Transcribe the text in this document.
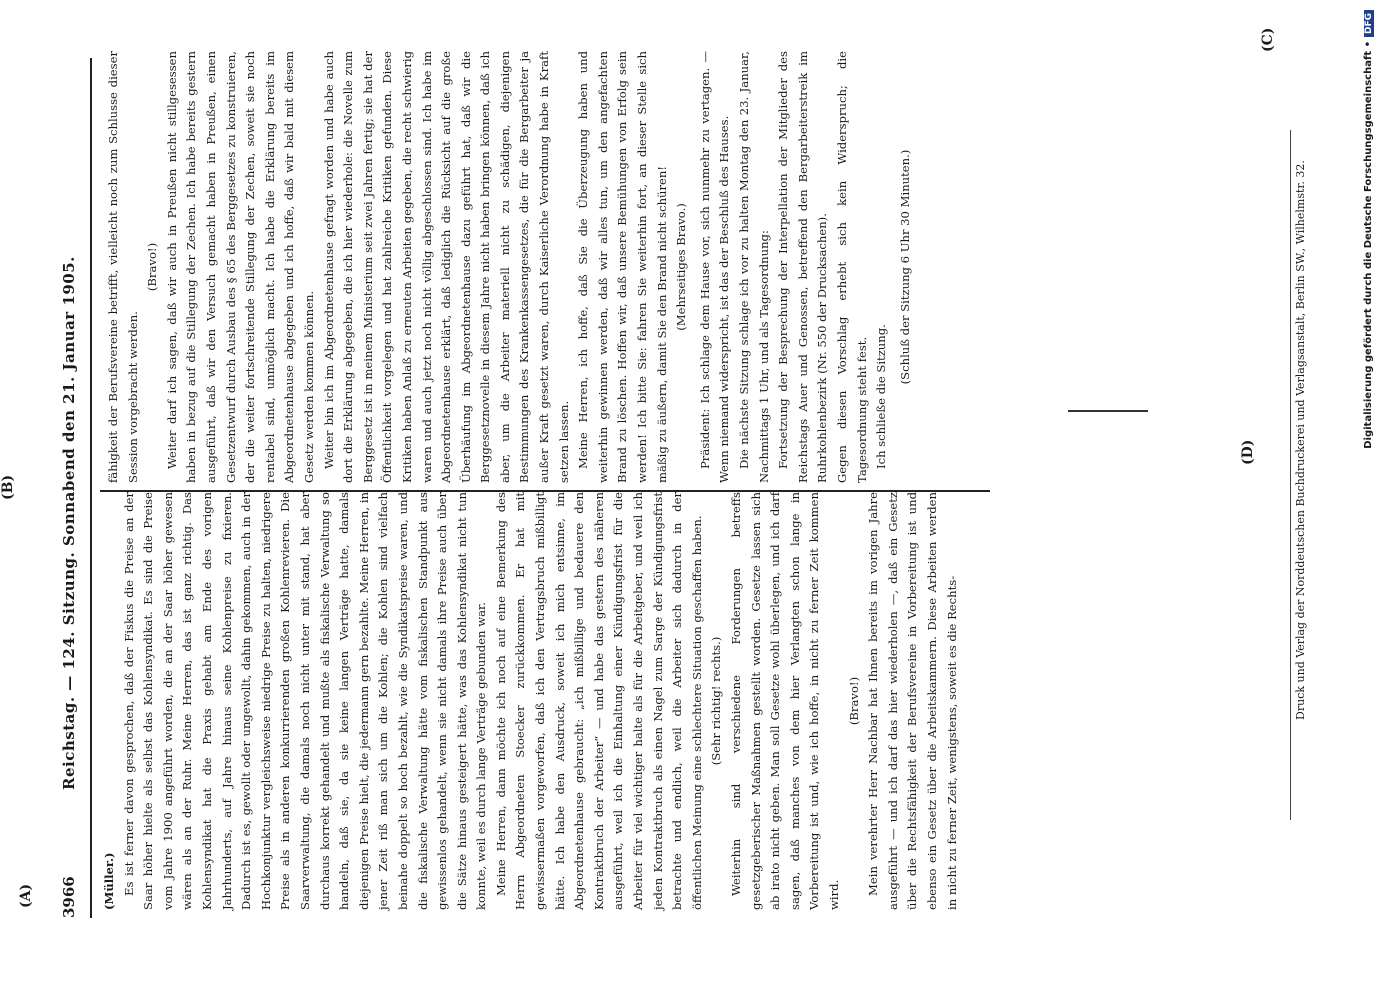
3966
Reichstag. — 124. Sitzung. Sonnabend den 21. Januar 1905.
(A)
(B)
(C)
(D)

(Müller.) Es ist ferner davon gesprochen, daß der Fiskus die Preise an der Saar höher hielte als selbst das Kohlensyndikat. Es sind die Preise vom Jahre 1900 angeführt worden, die an der Saar höher gewesen wären als an der Ruhr. Meine Herren, das ist ganz richtig. Das Kohlensyndikat hat die Praxis gehabt am Ende des vorigen Jahrhunderts, auf Jahre hinaus seine Kohlenpreise zu fixieren. Dadurch ist es, gewollt oder ungewollt, dahin gekommen, auch in der Hochkonjunktur vergleichsweise niedrige Preise zu halten, niedrigere Preise als in anderen konkurrierenden großen Kohlenrevieren. Die Saarverwaltung, die damals noch nicht unter mit stand, hat aber durchaus korrekt gehandelt und mußte als fiskalische Verwaltung so handeln, daß sie, da sie keine langen Verträge hatte, damals diejenigen Preise hielt, die jedermann gern bezahlte. Meine Herren, in jener Zeit riß man sich um die Kohlen; die Kohlen sind vielfach beinahe doppelt so hoch bezahlt, wie die Syndikatspreise waren, und die fiskalische Verwaltung hätte vom fiskalischen Standpunkt aus gewissenlos gehandelt, wenn sie nicht damals ihre Preise auch über die Sätze hinaus gesteigert hätte, was das Kohlensyndikat nicht tun konnte, weil es durch lange Verträge gebunden war. Meine Herren, dann möchte ich noch auf eine Bemerkung des Herrn Abgeordneten Stoecker zurückkommen. Er hat mit gewissermaßen vorgeworfen, daß ich den Vertragsbruch mißbilligt hätte. Ich habe den Ausdruck, soweit ich mich entsinne, im Abgeordnetenhause gebraucht: „ich mißbillige und bedauere den Kontraktbruch der Arbeiter“ — und habe das gestern des näheren ausgeführt, weil ich die Einhaltung einer Kündigungsfrist für die Arbeiter für viel wichtiger halte als für die Arbeitgeber, und weil ich jeden Kontraktbruch als einen Nagel zum Sarge der Kündigungsfrist betrachte und endlich, weil die Arbeiter sich dadurch in der öffentlichen Meinung eine schlechtere Situation geschaffen haben. (Sehr richtig! rechts.) Weiterhin sind verschiedene Forderungen betreffs gesetzgeberischer Maßnahmen gestellt worden. Gesetze lassen sich ab irato nicht geben. Man soll Gesetze wohl überlegen, und ich darf sagen, daß manches von dem hier Verlangten schon lange in Vorbereitung ist und, wie ich hoffe, in nicht zu ferner Zeit kommen wird.

(Bravo!) Mein verehrter Herr Nachbar hat Ihnen bereits im vorigen Jahre ausgeführt — und ich darf das hier wiederholen —, daß ein Gesetz über die Rechtsfähigkeit der Berufsvereine in Vorbereitung ist und ebenso ein Gesetz über die Arbeitskammern. Diese Arbeiten werden in nicht zu ferner Zeit, wenigstens, soweit es die Rechts-

fähigkeit der Berufsvereine betrifft, vielleicht noch zum Schlusse dieser Session vorgebracht werden.

(Bravo!) Weiter darf ich sagen, daß wir auch in Preußen nicht stillgesessen haben in bezug auf die Stillegung der Zechen. Ich habe bereits gestern ausgeführt, daß wir den Versuch gemacht haben in Preußen, einen Gesetzentwurf durch Ausbau des § 65 des Berggesetzes zu konstruieren, der die weiter fortschreitende Stillegung der Zechen, soweit sie noch rentabel sind, unmöglich macht. Ich habe die Erklärung bereits im Abgeordnetenhause abgegeben und ich hoffe, daß wir bald mit diesem Gesetz werden kommen können. Weiter bin ich im Abgeordnetenhause gefragt worden und habe auch dort die Erklärung abgegeben, die ich hier wiederhole: die Novelle zum Berggesetz ist in meinem Ministerium seit zwei Jahren fertig; sie hat der Öffentlichkeit vorgelegen und hat zahlreiche Kritiken gefunden. Diese Kritiken haben Anlaß zu erneuten Arbeiten gegeben, die recht schwierig waren und auch jetzt noch nicht völlig abgeschlossen sind. Ich habe im Abgeordnetenhause erklärt, daß lediglich die Rücksicht auf die große Überhäufung im Abgeordnetenhause dazu geführt hat, daß wir die Berggesetznovelle in diesem Jahre nicht haben bringen können, daß ich aber, um die Arbeiter materiell nicht zu schädigen, diejenigen Bestimmungen des Krankenkassengesetzes, die für die Bergarbeiter ja außer Kraft gesetzt waren, durch Kaiserliche Verordnung habe in Kraft setzen lassen. Meine Herren, ich hoffe, daß Sie die Überzeugung haben und weiterhin gewinnen werden, daß wir alles tun, um den angefachten Brand zu löschen. Hoffen wir, daß unsere Bemühungen von Erfolg sein werden! Ich bitte Sie: fahren Sie weiterhin fort, an dieser Stelle sich mäßig zu äußern, damit Sie den Brand nicht schüren! (Mehrseitiges Bravo.) Präsident: Ich schlage dem Hause vor, sich nunmehr zu vertagen. — Wenn niemand widerspricht, ist das der Beschluß des Hauses. Die nächste Sitzung schlage ich vor zu halten Montag den 23. Januar, Nachmittags 1 Uhr, und als Tagesordnung: Fortsetzung der Besprechung der Interpellation der Mitglieder des Reichstags Auer und Genossen, betreffend den Bergarbeiterstreik im Ruhrkohlenbezirk (Nr. 550 der Drucksachen). Gegen diesen Vorschlag erhebt sich kein Widerspruch; die Tagesordnung steht fest. Ich schließe die Sitzung.

(Schluß der Sitzung 6 Uhr 30 Minuten.)	Druck und Verlag der Norddeutschen Buchdruckerei und Verlagsanstalt, Berlin SW., Wilhelmstr. 32.	Digitalisierung gefördert durch die Deutsche Forschungsgemeinschaft •DFG
